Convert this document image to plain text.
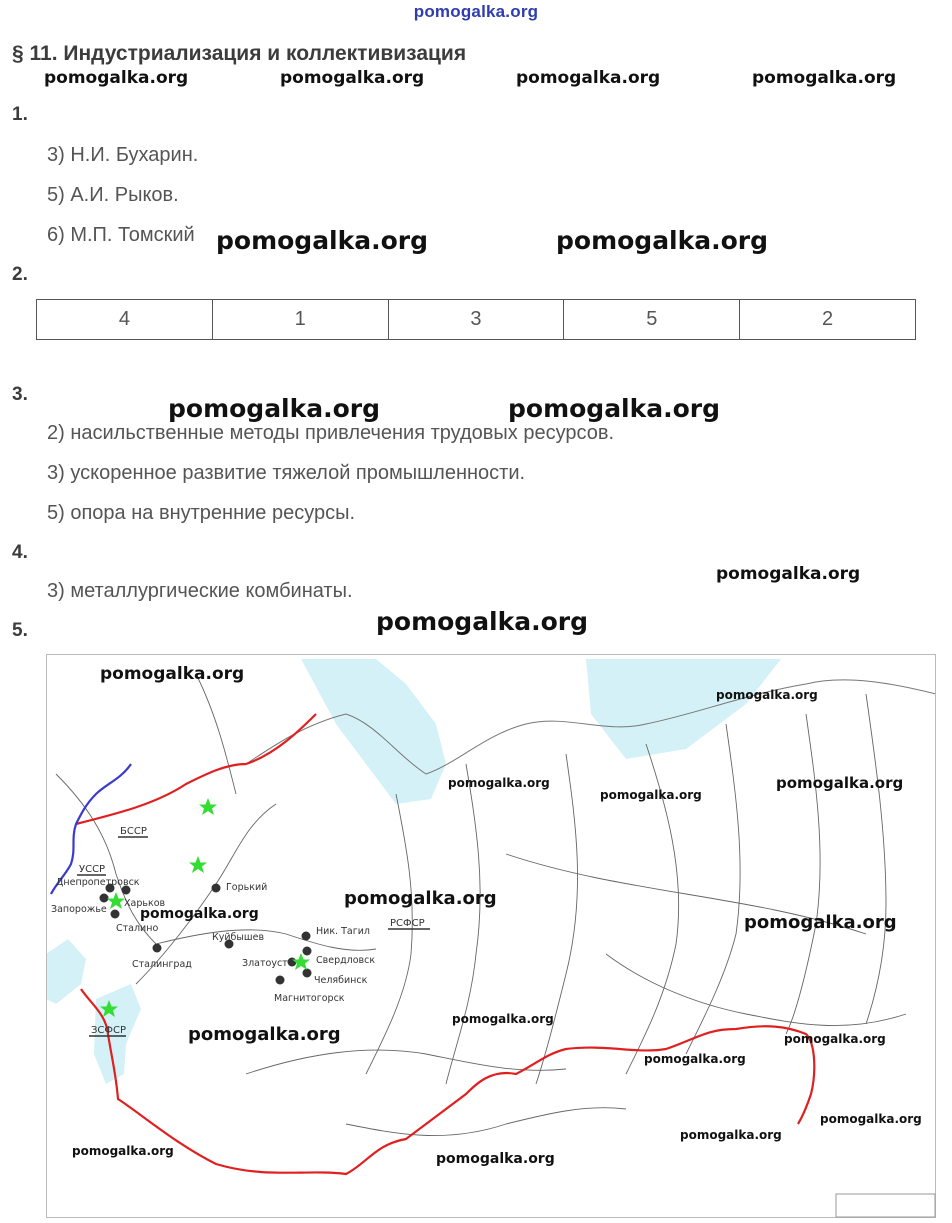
pomogalka.org
§ 11. Индустриализация и коллективизация
pomogalka.org	pomogalka.org	pomogalka.org	pomogalka.org
1.
3) Н.И. Бухарин.
5) А.И. Рыков.
6) М.П. Томский pomogalka.org	pomogalka.org
2.
4	1	3	5	2
3.	pomogalka.org	pomogalka.org
2) насильственные методы привлечения трудовых ресурсов.
3) ускоренное развитие тяжелой промышленности.
5) опора на внутренние ресурсы.
4.
pomogalka.org
3) металлургические комбинаты.
5.	pomogalka.org
БССР
УССР
РСФСР
ЗСФСР
Днепропетровск
Харьков
Запорожье
Сталино
Горький
Куйбышев
Сталинград
Ник. Тагил
Свердловск
Златоуст
Челябинск
Магнитогорск
pomogalka.org
pomogalka.org
pomogalka.org
pomogalka.org
pomogalka.org
pomogalka.org
pomogalka.org	pomogalka.org
pomogalka.org
pomogalka.org	pomogalka.org
pomogalka.org
pomogalka.org
pomogalka.org
pomogalka.org	pomogalka.org
